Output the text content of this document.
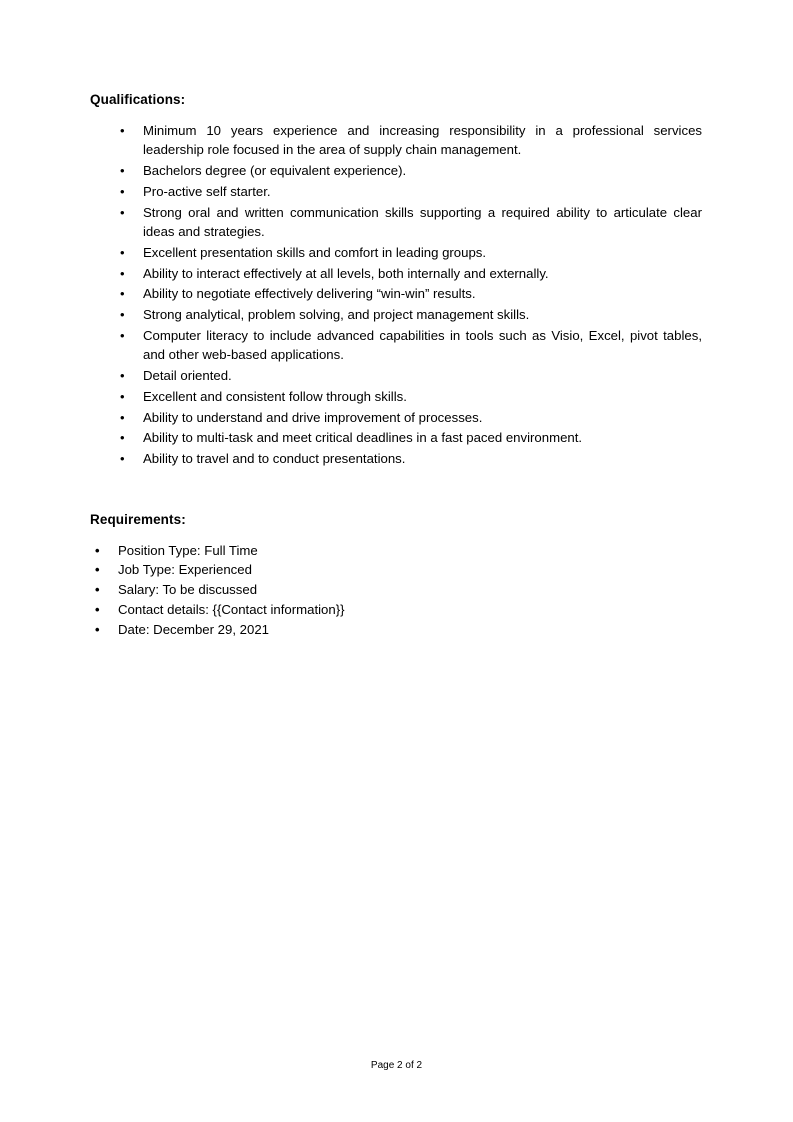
Qualifications:
• Minimum 10 years experience and increasing responsibility in a professional services leadership role focused in the area of supply chain management.
• Bachelors degree (or equivalent experience).
• Pro-active self starter.
• Strong oral and written communication skills supporting a required ability to articulate clear ideas and strategies.
• Excellent presentation skills and comfort in leading groups.
• Ability to interact effectively at all levels, both internally and externally.
• Ability to negotiate effectively delivering “win-win” results.
• Strong analytical, problem solving, and project management skills.
• Computer literacy to include advanced capabilities in tools such as Visio, Excel, pivot tables, and other web-based applications.
• Detail oriented.
• Excellent and consistent follow through skills.
• Ability to understand and drive improvement of processes.
• Ability to multi-task and meet critical deadlines in a fast paced environment.
• Ability to travel and to conduct presentations.
Requirements:
• Position Type: Full Time
• Job Type: Experienced
• Salary: To be discussed
• Contact details: {{Contact information}}
• Date: December 29, 2021
Page 2 of 2
